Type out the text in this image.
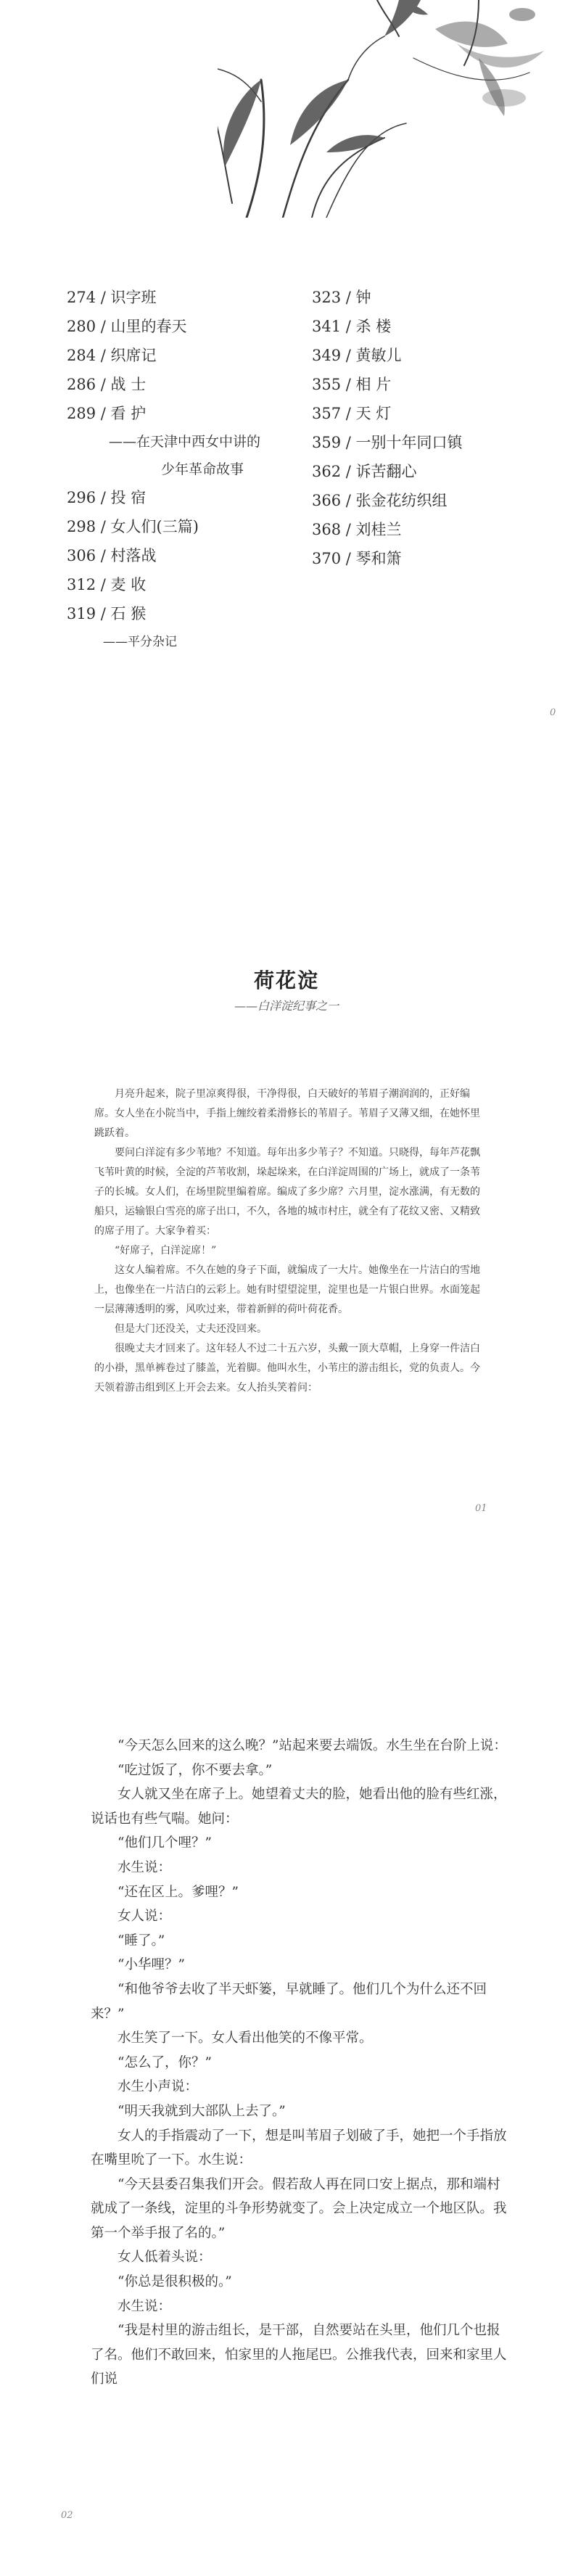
274 / 识字班
280 / 山里的春天
284 / 织席记
286 / 战 士
289 / 看 护
——在天津中西女中讲的
少年革命故事
296 / 投 宿
298 / 女人们(三篇)
306 / 村落战
312 / 麦 收
319 / 石 猴
——平分杂记
323 / 钟
341 / 杀 楼
349 / 黄敏儿
355 / 相 片
357 / 天 灯
359 / 一别十年同口镇
362 / 诉苦翻心
366 / 张金花纺织组
368 / 刘桂兰
370 / 琴和箫
0
荷花淀
——白洋淀纪事之一

月亮升起来，院子里凉爽得很，干净得很，白天破好的苇眉子潮润润的，正好编席。女人坐在小院当中，手指上缠绞着柔滑修长的苇眉子。苇眉子又薄又细，在她怀里跳跃着。

要问白洋淀有多少苇地？不知道。每年出多少苇子？不知道。只晓得，每年芦花飘飞苇叶黄的时候，全淀的芦苇收割，垛起垛来，在白洋淀周围的广场上，就成了一条苇子的长城。女人们，在场里院里编着席。编成了多少席？六月里，淀水涨满，有无数的船只，运输银白雪亮的席子出口，不久，各地的城市村庄，就全有了花纹又密、又精致的席子用了。大家争着买：

“好席子，白洋淀席！”

这女人编着席。不久在她的身子下面，就编成了一大片。她像坐在一片洁白的雪地上，也像坐在一片洁白的云彩上。她有时望望淀里，淀里也是一片银白世界。水面笼起一层薄薄透明的雾，风吹过来，带着新鲜的荷叶荷花香。

但是大门还没关，丈夫还没回来。

很晚丈夫才回来了。这年轻人不过二十五六岁，头戴一顶大草帽，上身穿一件洁白的小褂，黑单裤卷过了膝盖，光着脚。他叫水生，小苇庄的游击组长，党的负责人。今天领着游击组到区上开会去来。女人抬头笑着问：

01

“今天怎么回来的这么晚？”站起来要去端饭。水生坐在台阶上说：

“吃过饭了，你不要去拿。”

女人就又坐在席子上。她望着丈夫的脸，她看出他的脸有些红涨，说话也有些气喘。她问：

“他们几个哩？”

水生说：

“还在区上。爹哩？”

女人说：

“睡了。”

“小华哩？”

“和他爷爷去收了半天虾篓，早就睡了。他们几个为什么还不回来？”

水生笑了一下。女人看出他笑的不像平常。

“怎么了，你？”

水生小声说：

“明天我就到大部队上去了。”

女人的手指震动了一下，想是叫苇眉子划破了手，她把一个手指放在嘴里吮了一下。水生说：

“今天县委召集我们开会。假若敌人再在同口安上据点，那和端村就成了一条线，淀里的斗争形势就变了。会上决定成立一个地区队。我第一个举手报了名的。”

女人低着头说：

“你总是很积极的。”

水生说：

“我是村里的游击组长，是干部，自然要站在头里，他们几个也报了名。他们不敢回来，怕家里的人拖尾巴。公推我代表，回来和家里人们说

02
